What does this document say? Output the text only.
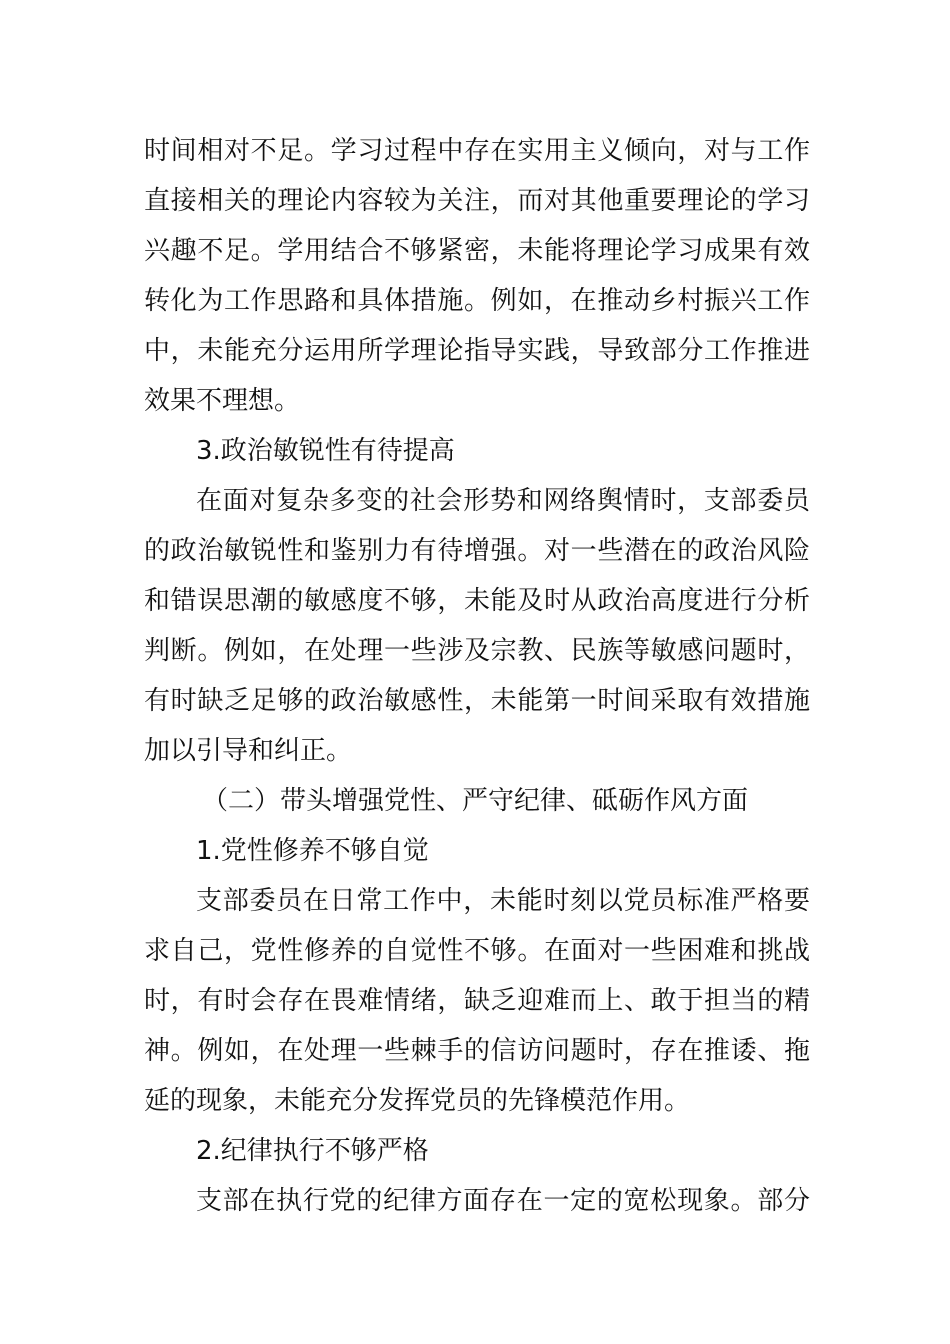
时间相对不足。学习过程中存在实用主义倾向，对与工作
直接相关的理论内容较为关注，而对其他重要理论的学习
兴趣不足。学用结合不够紧密，未能将理论学习成果有效
转化为工作思路和具体措施。例如，在推动乡村振兴工作
中，未能充分运用所学理论指导实践，导致部分工作推进
效果不理想。
3.政治敏锐性有待提高
在面对复杂多变的社会形势和网络舆情时，支部委员
的政治敏锐性和鉴别力有待增强。对一些潜在的政治风险
和错误思潮的敏感度不够，未能及时从政治高度进行分析
判断。例如，在处理一些涉及宗教、民族等敏感问题时，
有时缺乏足够的政治敏感性，未能第一时间采取有效措施
加以引导和纠正。
（二）带头增强党性、严守纪律、砥砺作风方面
1.党性修养不够自觉
支部委员在日常工作中，未能时刻以党员标准严格要
求自己，党性修养的自觉性不够。在面对一些困难和挑战
时，有时会存在畏难情绪，缺乏迎难而上、敢于担当的精
神。例如，在处理一些棘手的信访问题时，存在推诿、拖
延的现象，未能充分发挥党员的先锋模范作用。
2.纪律执行不够严格
支部在执行党的纪律方面存在一定的宽松现象。部分
